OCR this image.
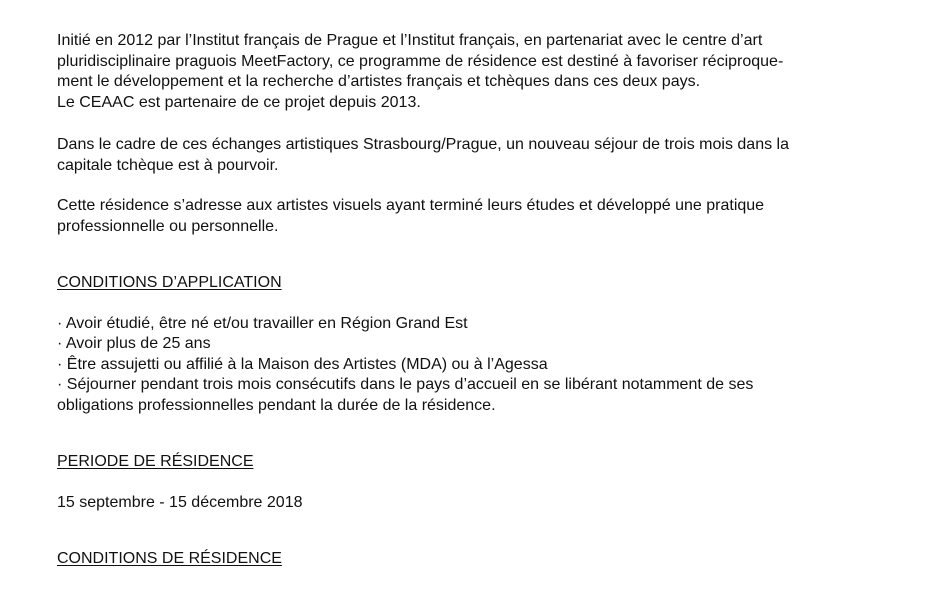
Initié en 2012 par l’Institut français de Prague et l’Institut français, en partenariat avec le centre d’art
pluridisciplinaire praguois MeetFactory, ce programme de résidence est destiné à favoriser réciproque-
ment le développement et la recherche d’artistes français et tchèques dans ces deux pays.
Le CEAAC est partenaire de ce projet depuis 2013.

Dans le cadre de ces échanges artistiques Strasbourg/Prague, un nouveau séjour de trois mois dans la
capitale tchèque est à pourvoir.

Cette résidence s’adresse aux artistes visuels ayant terminé leurs études et développé une pratique
professionnelle ou personnelle.

CONDITIONS D’APPLICATION

· Avoir étudié, être né et/ou travailler en Région Grand Est
· Avoir plus de 25 ans
· Être assujetti ou affilié à la Maison des Artistes (MDA) ou à l’Agessa
· Séjourner pendant trois mois consécutifs dans le pays d’accueil en se libérant notamment de ses
obligations professionnelles pendant la durée de la résidence.

PERIODE DE RÉSIDENCE

15 septembre - 15 décembre 2018

CONDITIONS DE RÉSIDENCE
